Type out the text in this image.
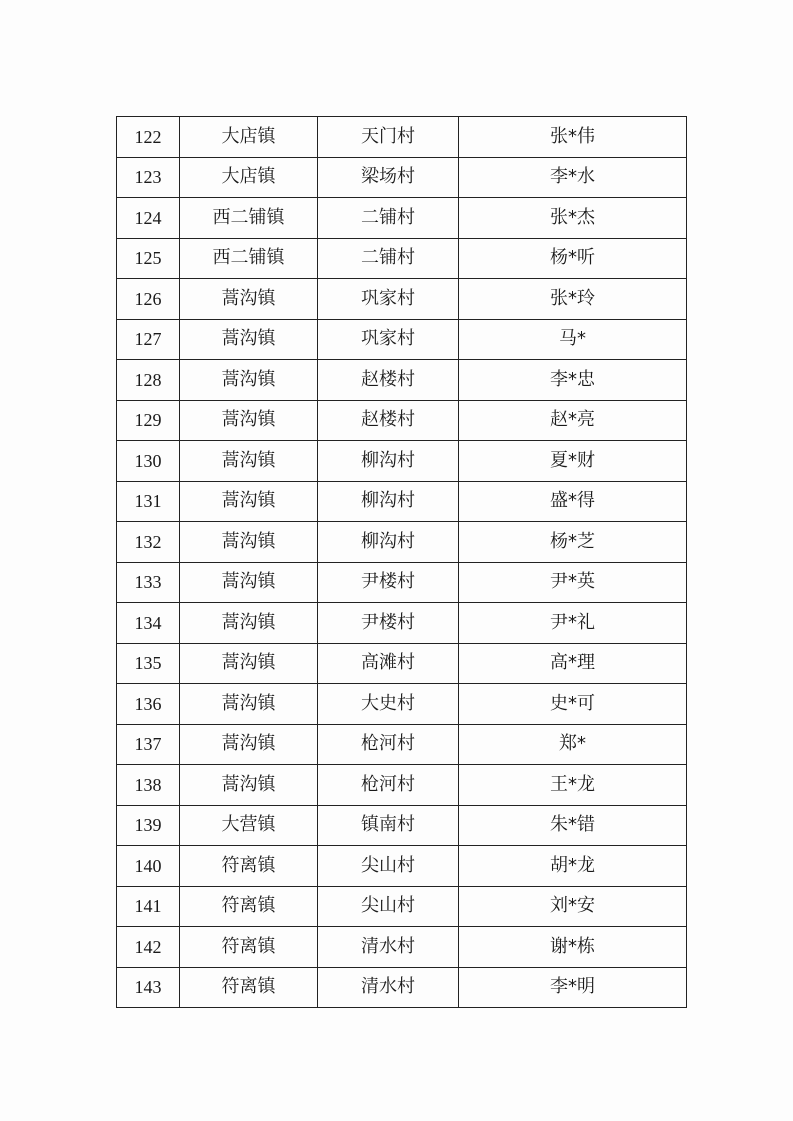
122	大店镇	天门村	张*伟
123	大店镇	梁场村	李*水
124	西二铺镇	二铺村	张*杰
125	西二铺镇	二铺村	杨*听
126	蒿沟镇	巩家村	张*玲
127	蒿沟镇	巩家村	马*
128	蒿沟镇	赵楼村	李*忠
129	蒿沟镇	赵楼村	赵*亮
130	蒿沟镇	柳沟村	夏*财
131	蒿沟镇	柳沟村	盛*得
132	蒿沟镇	柳沟村	杨*芝
133	蒿沟镇	尹楼村	尹*英
134	蒿沟镇	尹楼村	尹*礼
135	蒿沟镇	高滩村	高*理
136	蒿沟镇	大史村	史*可
137	蒿沟镇	枪河村	郑*
138	蒿沟镇	枪河村	王*龙
139	大营镇	镇南村	朱*错
140	符离镇	尖山村	胡*龙
141	符离镇	尖山村	刘*安
142	符离镇	清水村	谢*栋
143	符离镇	清水村	李*明
